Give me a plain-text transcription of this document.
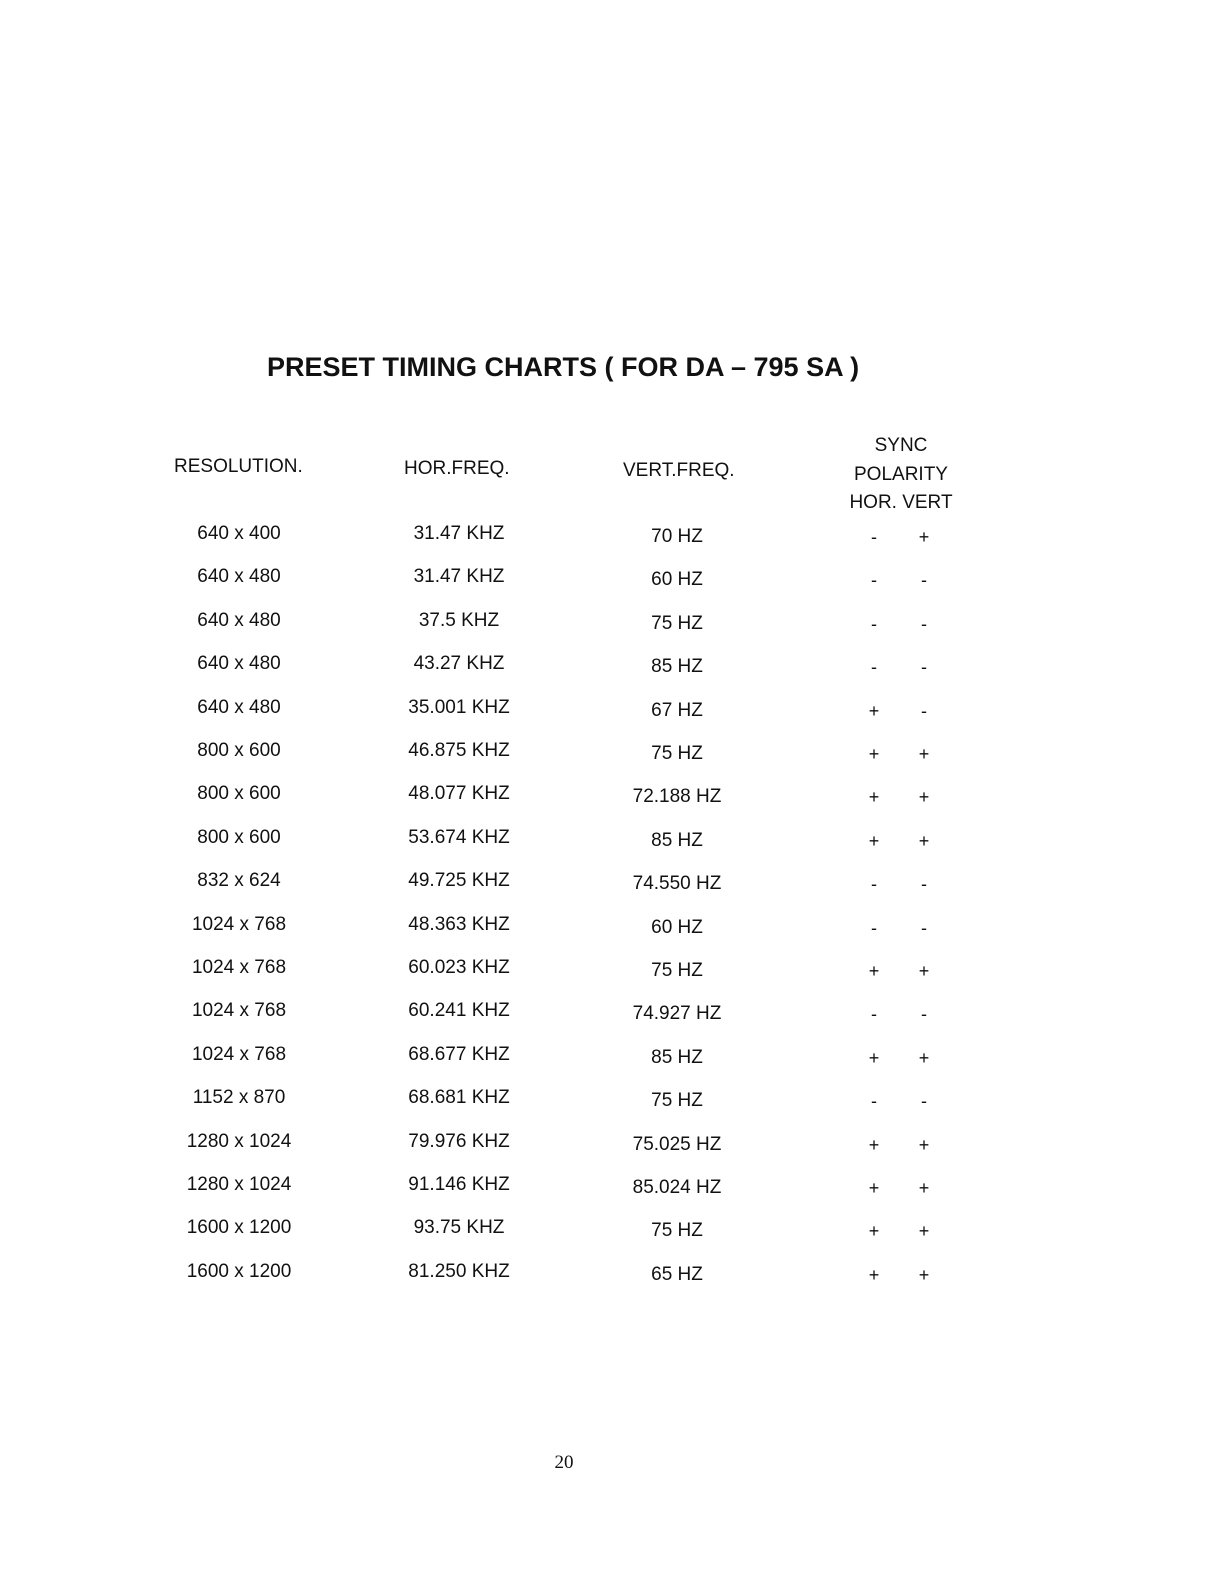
PRESET TIMING CHARTS ( FOR DA – 795 SA )
RESOLUTION.	HOR.FREQ.	VERT.FREQ.
SYNC
POLARITY
HOR. VERT
640 x 400	31.47 KHZ	70 HZ	-	+
640 x 480	31.47 KHZ	60 HZ	-	-
640 x 480	37.5 KHZ	75 HZ	-	-
640 x 480	43.27 KHZ	85 HZ	-	-
640 x 480	35.001 KHZ	67 HZ	+	-
800 x 600	46.875 KHZ	75 HZ	+	+
800 x 600	48.077 KHZ	72.188 HZ	+	+
800 x 600	53.674 KHZ	85 HZ	+	+
832 x 624	49.725 KHZ	74.550 HZ	-	-
1024 x 768	48.363 KHZ	60 HZ	-	-
1024 x 768	60.023 KHZ	75 HZ	+	+
1024 x 768	60.241 KHZ	74.927 HZ	-	-
1024 x 768	68.677 KHZ	85 HZ	+	+
1152 x 870	68.681 KHZ	75 HZ	-	-
1280 x 1024	79.976 KHZ	75.025 HZ	+	+
1280 x 1024	91.146 KHZ	85.024 HZ	+	+
1600 x 1200	93.75 KHZ	75 HZ	+	+
1600 x 1200	81.250 KHZ	65 HZ	+	+
20
